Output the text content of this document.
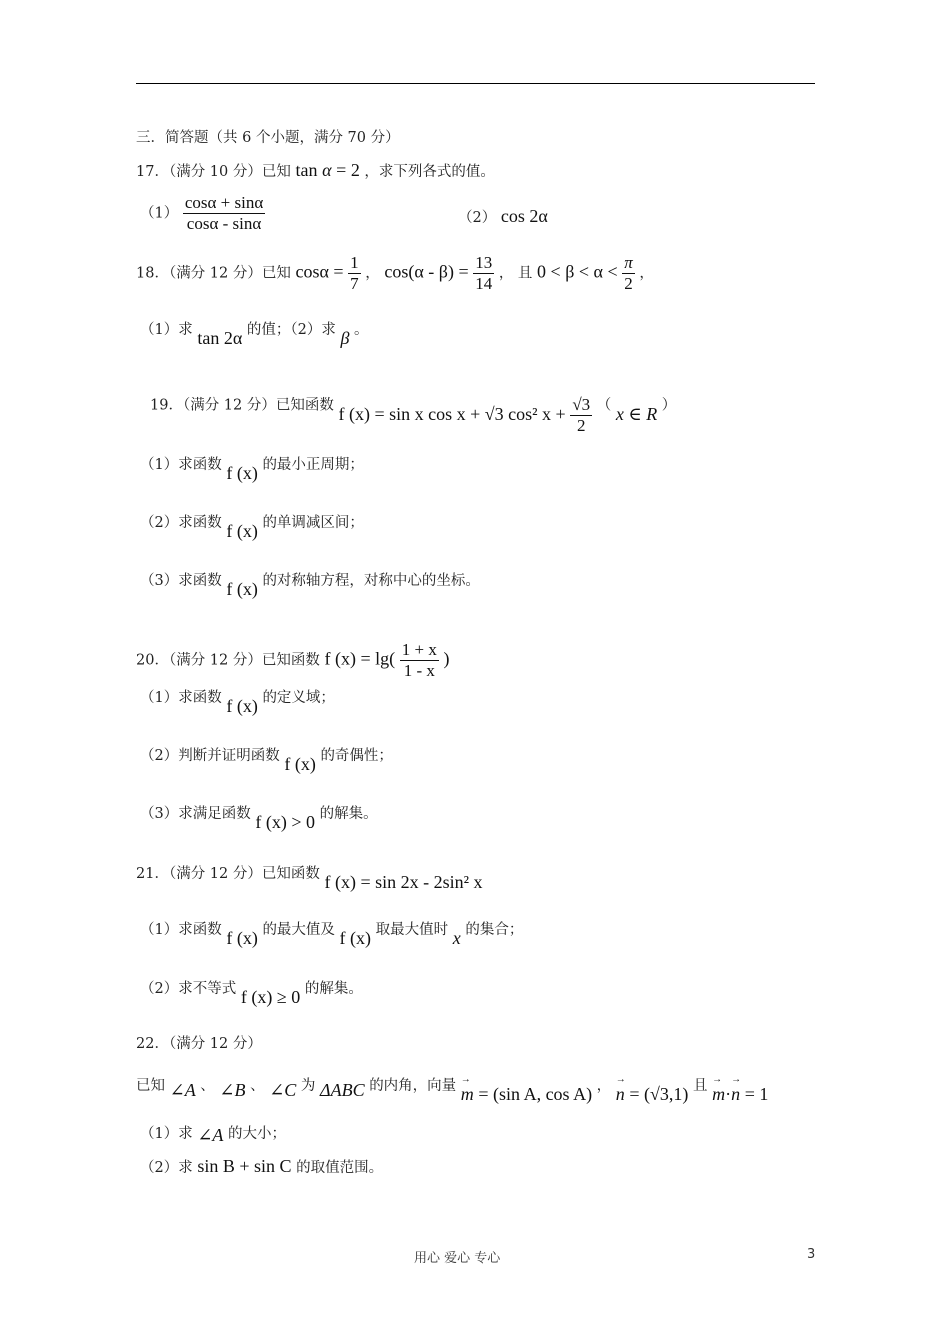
三．简答题（共 6 个小题，满分 70 分）
17．（满分 10 分）已知 tan α = 2 ，求下列各式的值。
$(1) \frac{\cos\alpha + \sin\alpha}{\cos\alpha - \sin\alpha}$	（2） cos 2α
18．（满分 12 分）已知 $\cos\alpha = \frac{1}{7}$ ， $\cos(\alpha - \beta) = \frac{13}{14}$ ， 且 $0 < \beta < \alpha < \frac{\pi}{2}$ ，
（1）求 tan 2α 的值；（2）求 β 。
19．（满分 12 分）已知函数 f (x) = sin x cos x + √3 cos² $x + \frac{√3}{2}$ （ x ∈ R ）
（1）求函数 f (x) 的最小正周期；
（2）求函数 f (x) 的单调减区间；
（3）求函数 f (x) 的对称轴方程，对称中心的坐标。
20．（满分 12 分）已知函数 f $(x) = \lg( \frac{1 + x}{1 - x}$ )
（1）求函数 f (x) 的定义域；
（2）判断并证明函数 f (x) 的奇偶性；
（3）求满足函数 f (x) > 0 的解集。
21．（满分 12 分）已知函数 f (x) = sin 2x - 2sin² x
（1）求函数 f (x) 的最大值及 f (x) 取最大值时 x 的集合；
（2）求不等式 f (x) ≥ 0 的解集。
22．（满分 12 分）
已知 ∠A 、 ∠B 、 ∠C 为 ΔABC 的内角，向量 → m = (sin A, cos A) ， → n = (√3,1) 且 → m·→ n = 1
（1）求 ∠A 的大小；
（2）求 sin B + sin C 的取值范围。
用心 爱心 专心	3
